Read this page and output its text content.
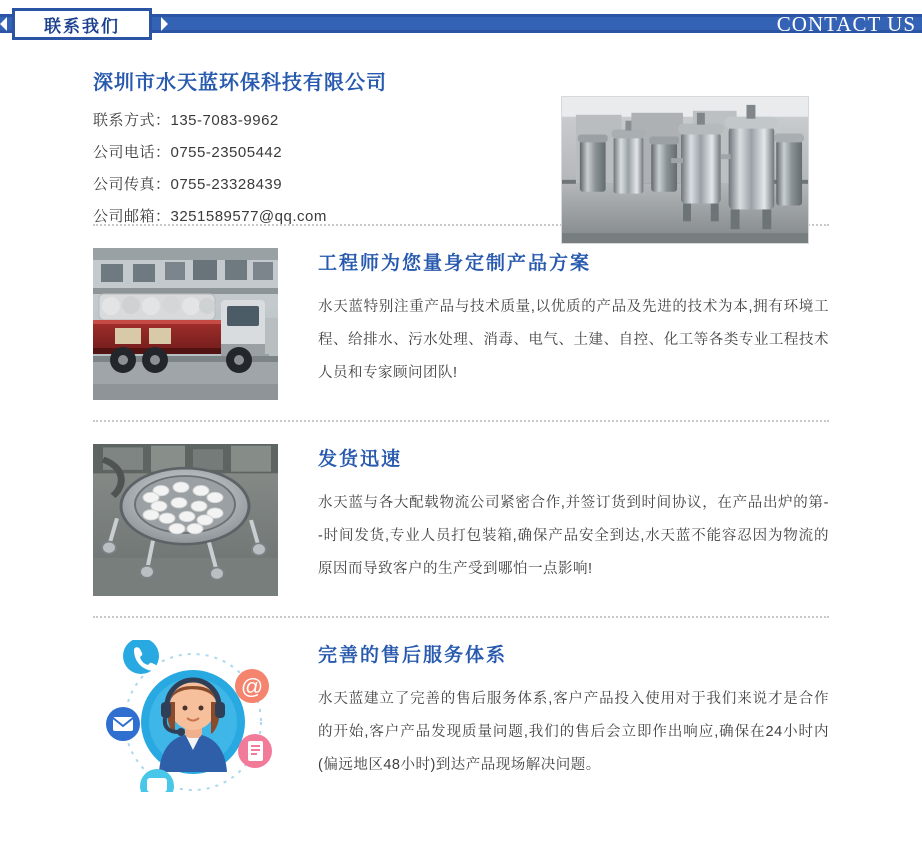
联系我们	CONTACT US
深圳市水天蓝环保科技有限公司
联系方式：135-7083-9962
公司电话：0755-23505442
公司传真：0755-23328439
公司邮箱：3251589577@qq.com
工程师为您量身定制产品方案
水天蓝特别注重产品与技术质量,以优质的产品及先进的技术为本,拥有环境工程、给排水、污水处理、消毒、电气、土建、自控、化工等各类专业工程技术人员和专家顾问团队!
发货迅速
水天蓝与各大配载物流公司紧密合作,并签订货到时间协议，在产品出炉的第- -时间发货,专业人员打包装箱,确保产品安全到达,水天蓝不能容忍因为物流的原因而导致客户的生产受到哪怕一点影响!
@
完善的售后服务体系
水天蓝建立了完善的售后服务体系,客户产品投入使用对于我们来说才是合作的开始,客户产品发现质量问题,我们的售后会立即作出响应,确保在24小时内(偏远地区48小时)到达产品现场解决问题。
